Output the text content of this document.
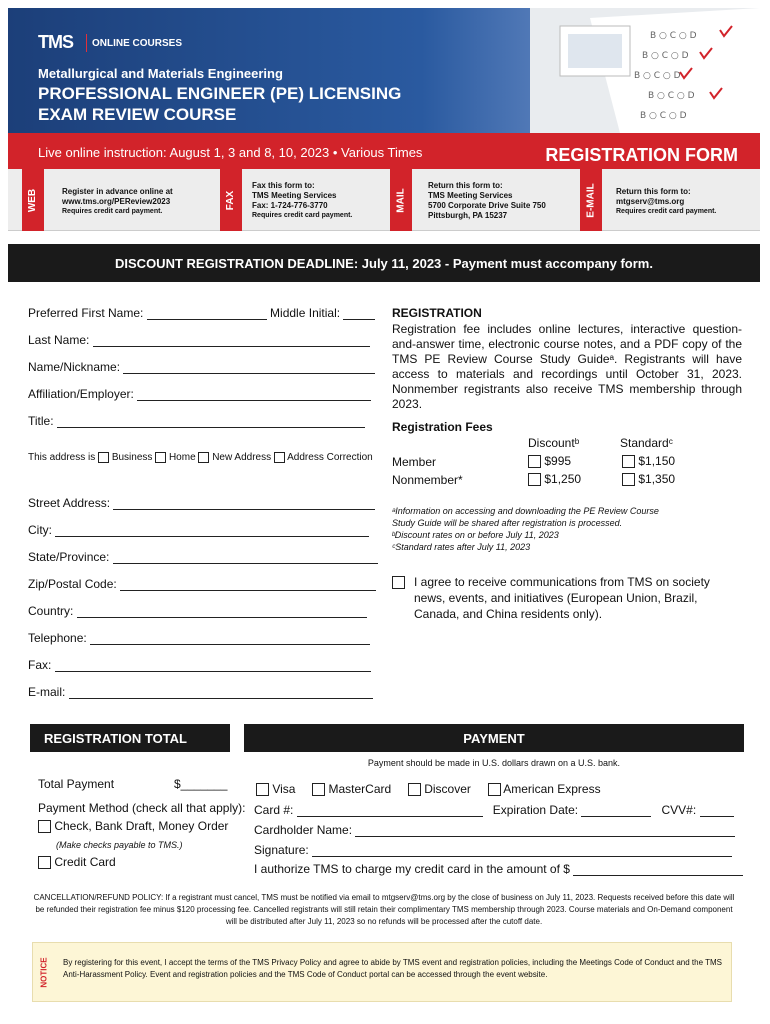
TMS ONLINE COURSES
Metallurgical and Materials Engineering
PROFESSIONAL ENGINEER (PE) LICENSING
EXAM REVIEW COURSE
B ○ C ○ D
B ○ C ○ D
B ○ C ○ D
B ○ C ○ D
B ○ C ○ D
Live online instruction: August 1, 3 and 8, 10, 2023 • Various Times	REGISTRATION FORM
WEB	Register in advance online at
www.tms.org/PEReview2023
Requires credit card payment.
FAX
Fax this form to:
TMS Meeting Services
Fax: 1-724-776-3770
Requires credit card payment.
MAIL
Return this form to:
TMS Meeting Services
5700 Corporate Drive Suite 750
Pittsburgh, PA 15237	E-MAIL Return this form to:
mtgserv@tms.org
Requires credit card payment.
DISCOUNT REGISTRATION DEADLINE: July 11, 2023 - Payment must accompany form.
Preferred First Name:	Middle Initial:
Last Name:
Name/Nickname:
Affiliation/Employer:
Title:
This address is Business Home New Address Address Correction
Street Address:
City:
State/Province:
Zip/Postal Code:
Country:
Telephone:
Fax:
E-mail:
REGISTRATION
Registration fee includes online lectures, interactive question-and-answer time, electronic course notes, and a PDF copy of the TMS PE Review Course Study Guideᵃ. Registrants will have access to materials and recordings until October 31, 2023. Nonmember registrants also receive TMS membership through 2023.
Registration Fees
Discountᵇ	Standardᶜ
Member	$995	$1,150
Nonmember*	$1,250	$1,350
ᵃInformation on accessing and downloading the PE Review Course
Study Guide will be shared after registration is processed.
ᵇDiscount rates on or before July 11, 2023
ᶜStandard rates after July 11, 2023
I agree to receive communications from TMS on society news, events, and initiatives (European Union, Brazil, Canada, and China residents only).
REGISTRATION TOTAL	PAYMENT
Total Payment	$_______
Payment Method (check all that apply):
Check, Bank Draft, Money Order
(Make checks payable to TMS.)
Credit Card
Payment should be made in U.S. dollars drawn on a U.S. bank.
Visa	MasterCard	Discover	American Express
Card #:	Expiration Date:	CVV#:
Cardholder Name:
Signature:
I authorize TMS to charge my credit card in the amount of $
CANCELLATION/REFUND POLICY: If a registrant must cancel, TMS must be notified via email to mtgserv@tms.org by the close of business on July 11, 2023. Requests received before this date will be refunded their registration fee minus $120 processing fee. Cancelled registrants will still retain their complimentary TMS membership through 2023. Course materials and On-Demand component will be distributed after July 11, 2023 so no refunds will be processed after the cutoff date.
NOTICE By registering for this event, I accept the terms of the TMS Privacy Policy and agree to abide by TMS event and registration policies, including the Meetings Code of Conduct and the TMS Anti-Harassment Policy. Event and registration policies and the TMS Code of Conduct portal can be accessed through the event website.
